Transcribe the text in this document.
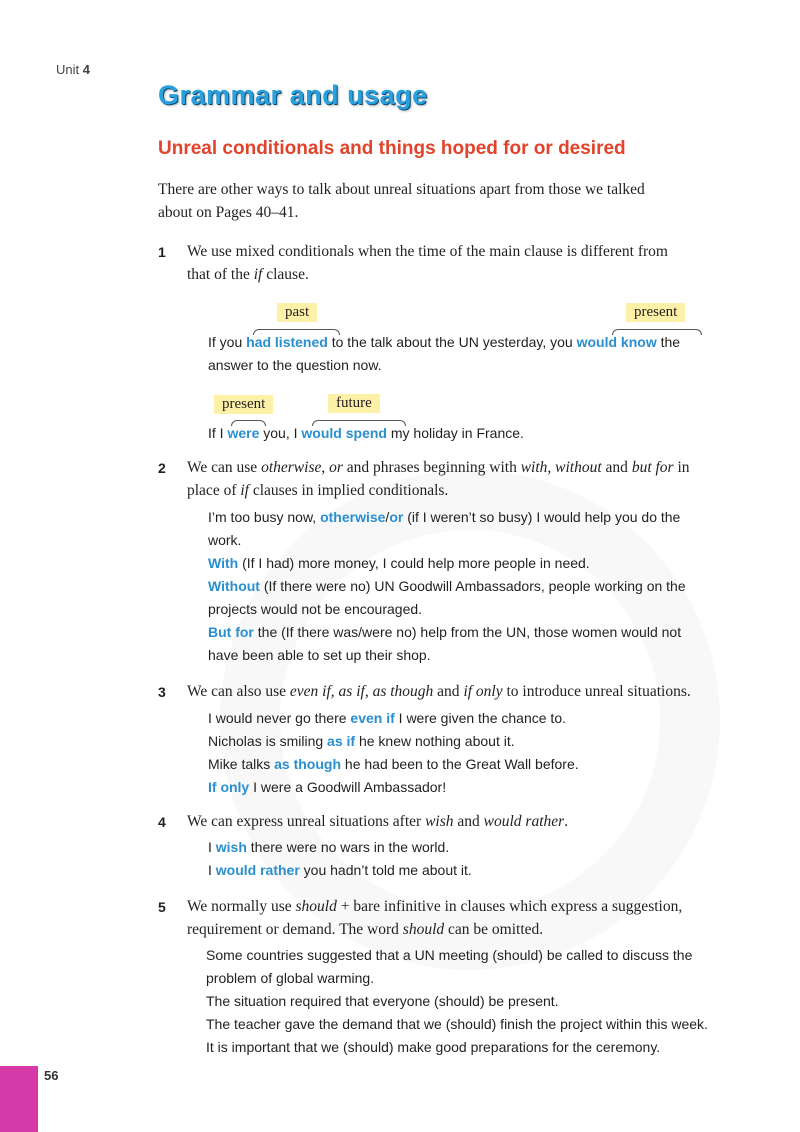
Unit 4
Grammar and usage
Unreal conditionals and things hoped for or desired
There are other ways to talk about unreal situations apart from those we talked
about on Pages 40–41.
1 We use mixed conditionals when the time of the main clause is different from
that of the if clause.
past	present
If you had listened to the talk about the UN yesterday, you would know the
answer to the question now.
present	future
If I were you, I would spend my holiday in France.
2 We can use otherwise, or and phrases beginning with with, without and but for in
place of if clauses in implied conditionals.
I’m too busy now, otherwise/or (if I weren’t so busy) I would help you do the
work.
With (If I had) more money, I could help more people in need.
Without (If there were no) UN Goodwill Ambassadors, people working on the
projects would not be encouraged.
But for the (If there was/were no) help from the UN, those women would not
have been able to set up their shop.
3 We can also use even if, as if, as though and if only to introduce unreal situations.
I would never go there even if I were given the chance to.
Nicholas is smiling as if he knew nothing about it.
Mike talks as though he had been to the Great Wall before.
If only I were a Goodwill Ambassador!
4 We can express unreal situations after wish and would rather.
I wish there were no wars in the world.
I would rather you hadn’t told me about it.
5 We normally use should + bare infinitive in clauses which express a suggestion,
requirement or demand. The word should can be omitted.
Some countries suggested that a UN meeting (should) be called to discuss the
problem of global warming.
The situation required that everyone (should) be present.
The teacher gave the demand that we (should) finish the project within this week.
It is important that we (should) make good preparations for the ceremony.
56
